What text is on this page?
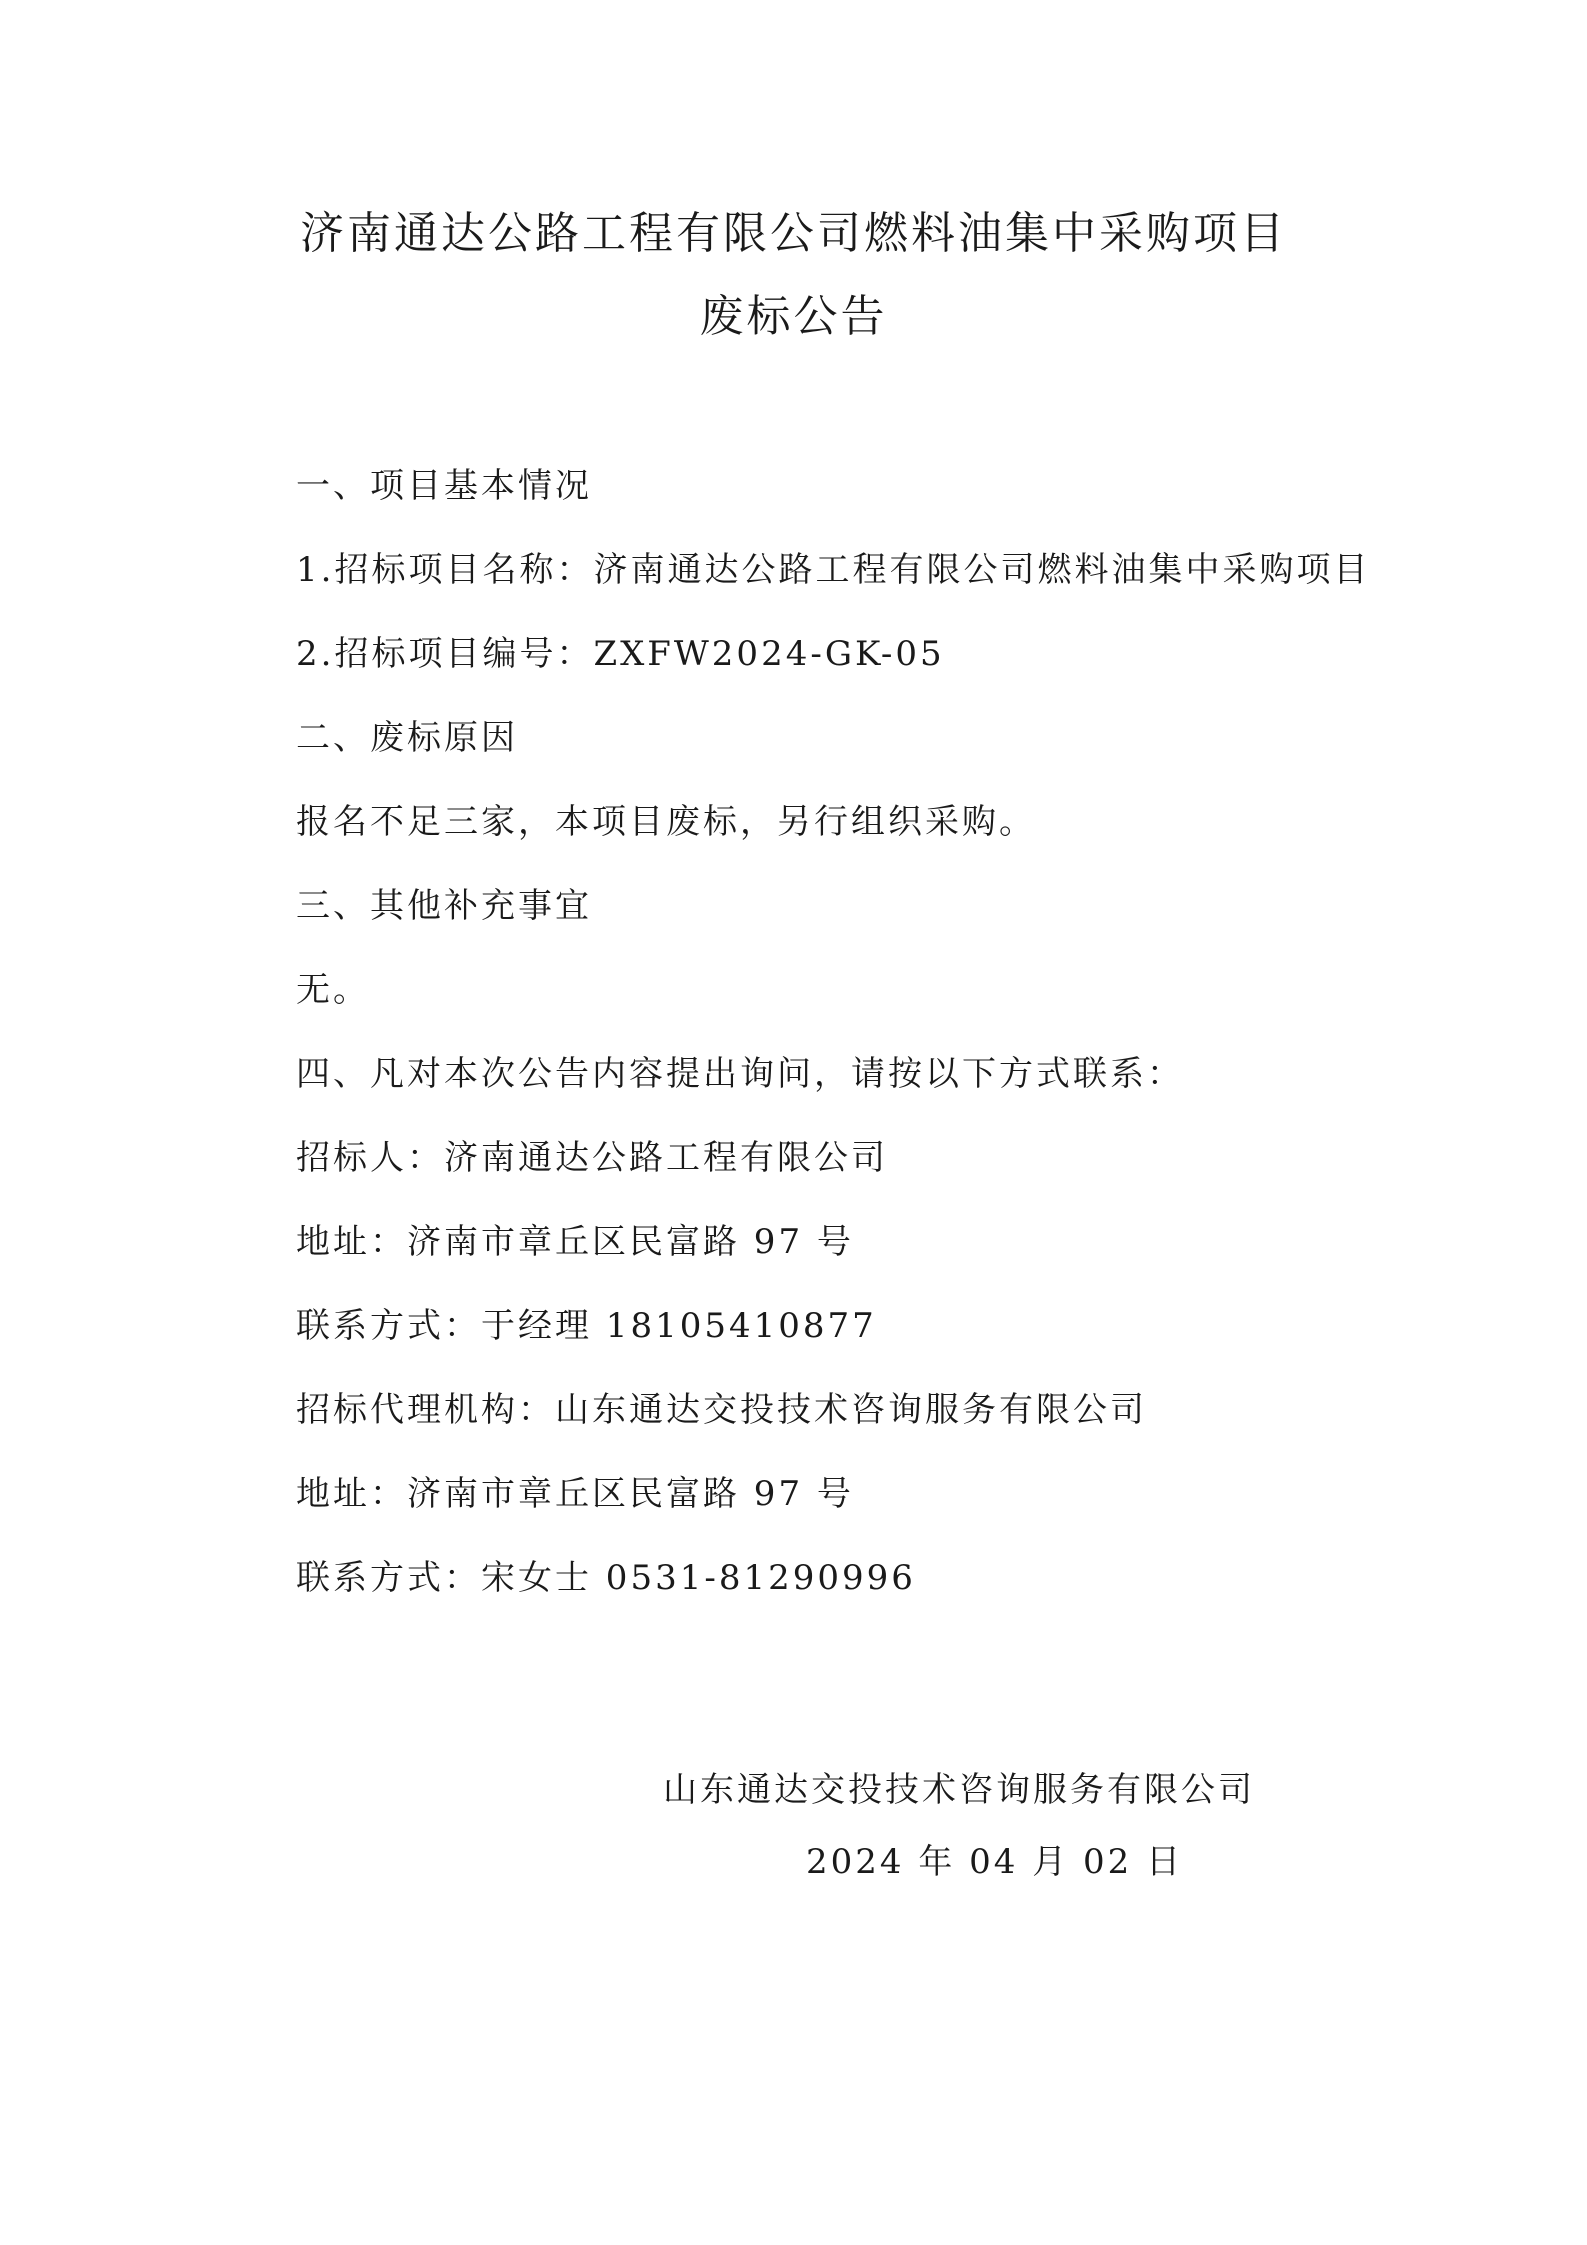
济南通达公路工程有限公司燃料油集中采购项目
废标公告
一、项目基本情况
1.招标项目名称：济南通达公路工程有限公司燃料油集中采购项目
2.招标项目编号：ZXFW2024-GK-05
二、废标原因
报名不足三家，本项目废标，另行组织采购。
三、其他补充事宜
无。
四、凡对本次公告内容提出询问，请按以下方式联系：
招标人：济南通达公路工程有限公司
地址：济南市章丘区民富路 97 号
联系方式：于经理 18105410877
招标代理机构：山东通达交投技术咨询服务有限公司
地址：济南市章丘区民富路 97 号
联系方式：宋女士 0531-81290996
山东通达交投技术咨询服务有限公司
2024 年 04 月 02 日
